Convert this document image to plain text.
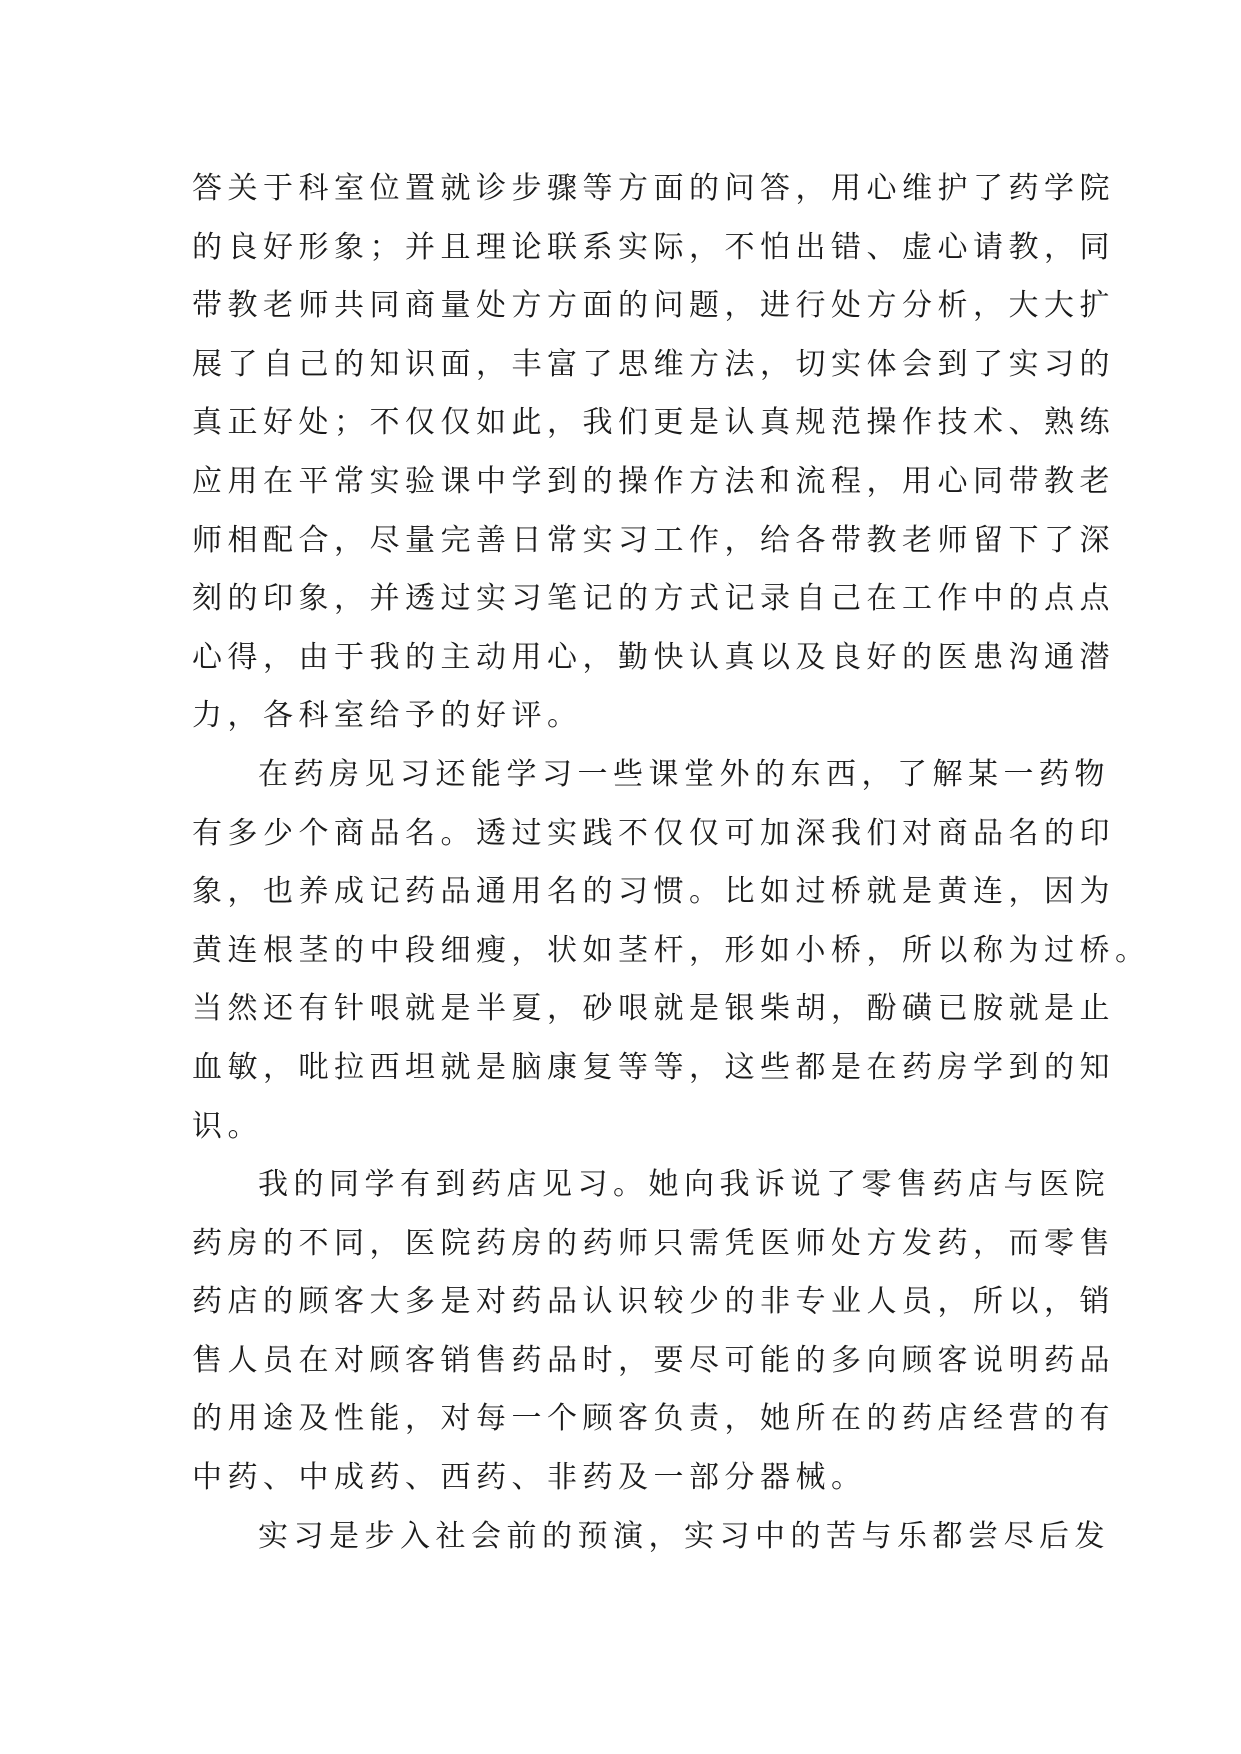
答关于科室位置就诊步骤等方面的问答，用心维护了药学院
的良好形象；并且理论联系实际，不怕出错、虚心请教，同
带教老师共同商量处方方面的问题，进行处方分析，大大扩
展了自己的知识面，丰富了思维方法，切实体会到了实习的
真正好处；不仅仅如此，我们更是认真规范操作技术、熟练
应用在平常实验课中学到的操作方法和流程，用心同带教老
师相配合，尽量完善日常实习工作，给各带教老师留下了深
刻的印象，并透过实习笔记的方式记录自己在工作中的点点
心得，由于我的主动用心，勤快认真以及良好的医患沟通潜
力，各科室给予的好评。
在药房见习还能学习一些课堂外的东西，了解某一药物
有多少个商品名。透过实践不仅仅可加深我们对商品名的印
象，也养成记药品通用名的习惯。比如过桥就是黄连，因为
黄连根茎的中段细瘦，状如茎杆，形如小桥，所以称为过桥。
当然还有针哏就是半夏，砂哏就是银柴胡，酚磺已胺就是止
血敏，吡拉西坦就是脑康复等等，这些都是在药房学到的知
识。
我的同学有到药店见习。她向我诉说了零售药店与医院
药房的不同，医院药房的药师只需凭医师处方发药，而零售
药店的顾客大多是对药品认识较少的非专业人员，所以，销
售人员在对顾客销售药品时，要尽可能的多向顾客说明药品
的用途及性能，对每一个顾客负责，她所在的药店经营的有
中药、中成药、西药、非药及一部分器械。
实习是步入社会前的预演，实习中的苦与乐都尝尽后发
